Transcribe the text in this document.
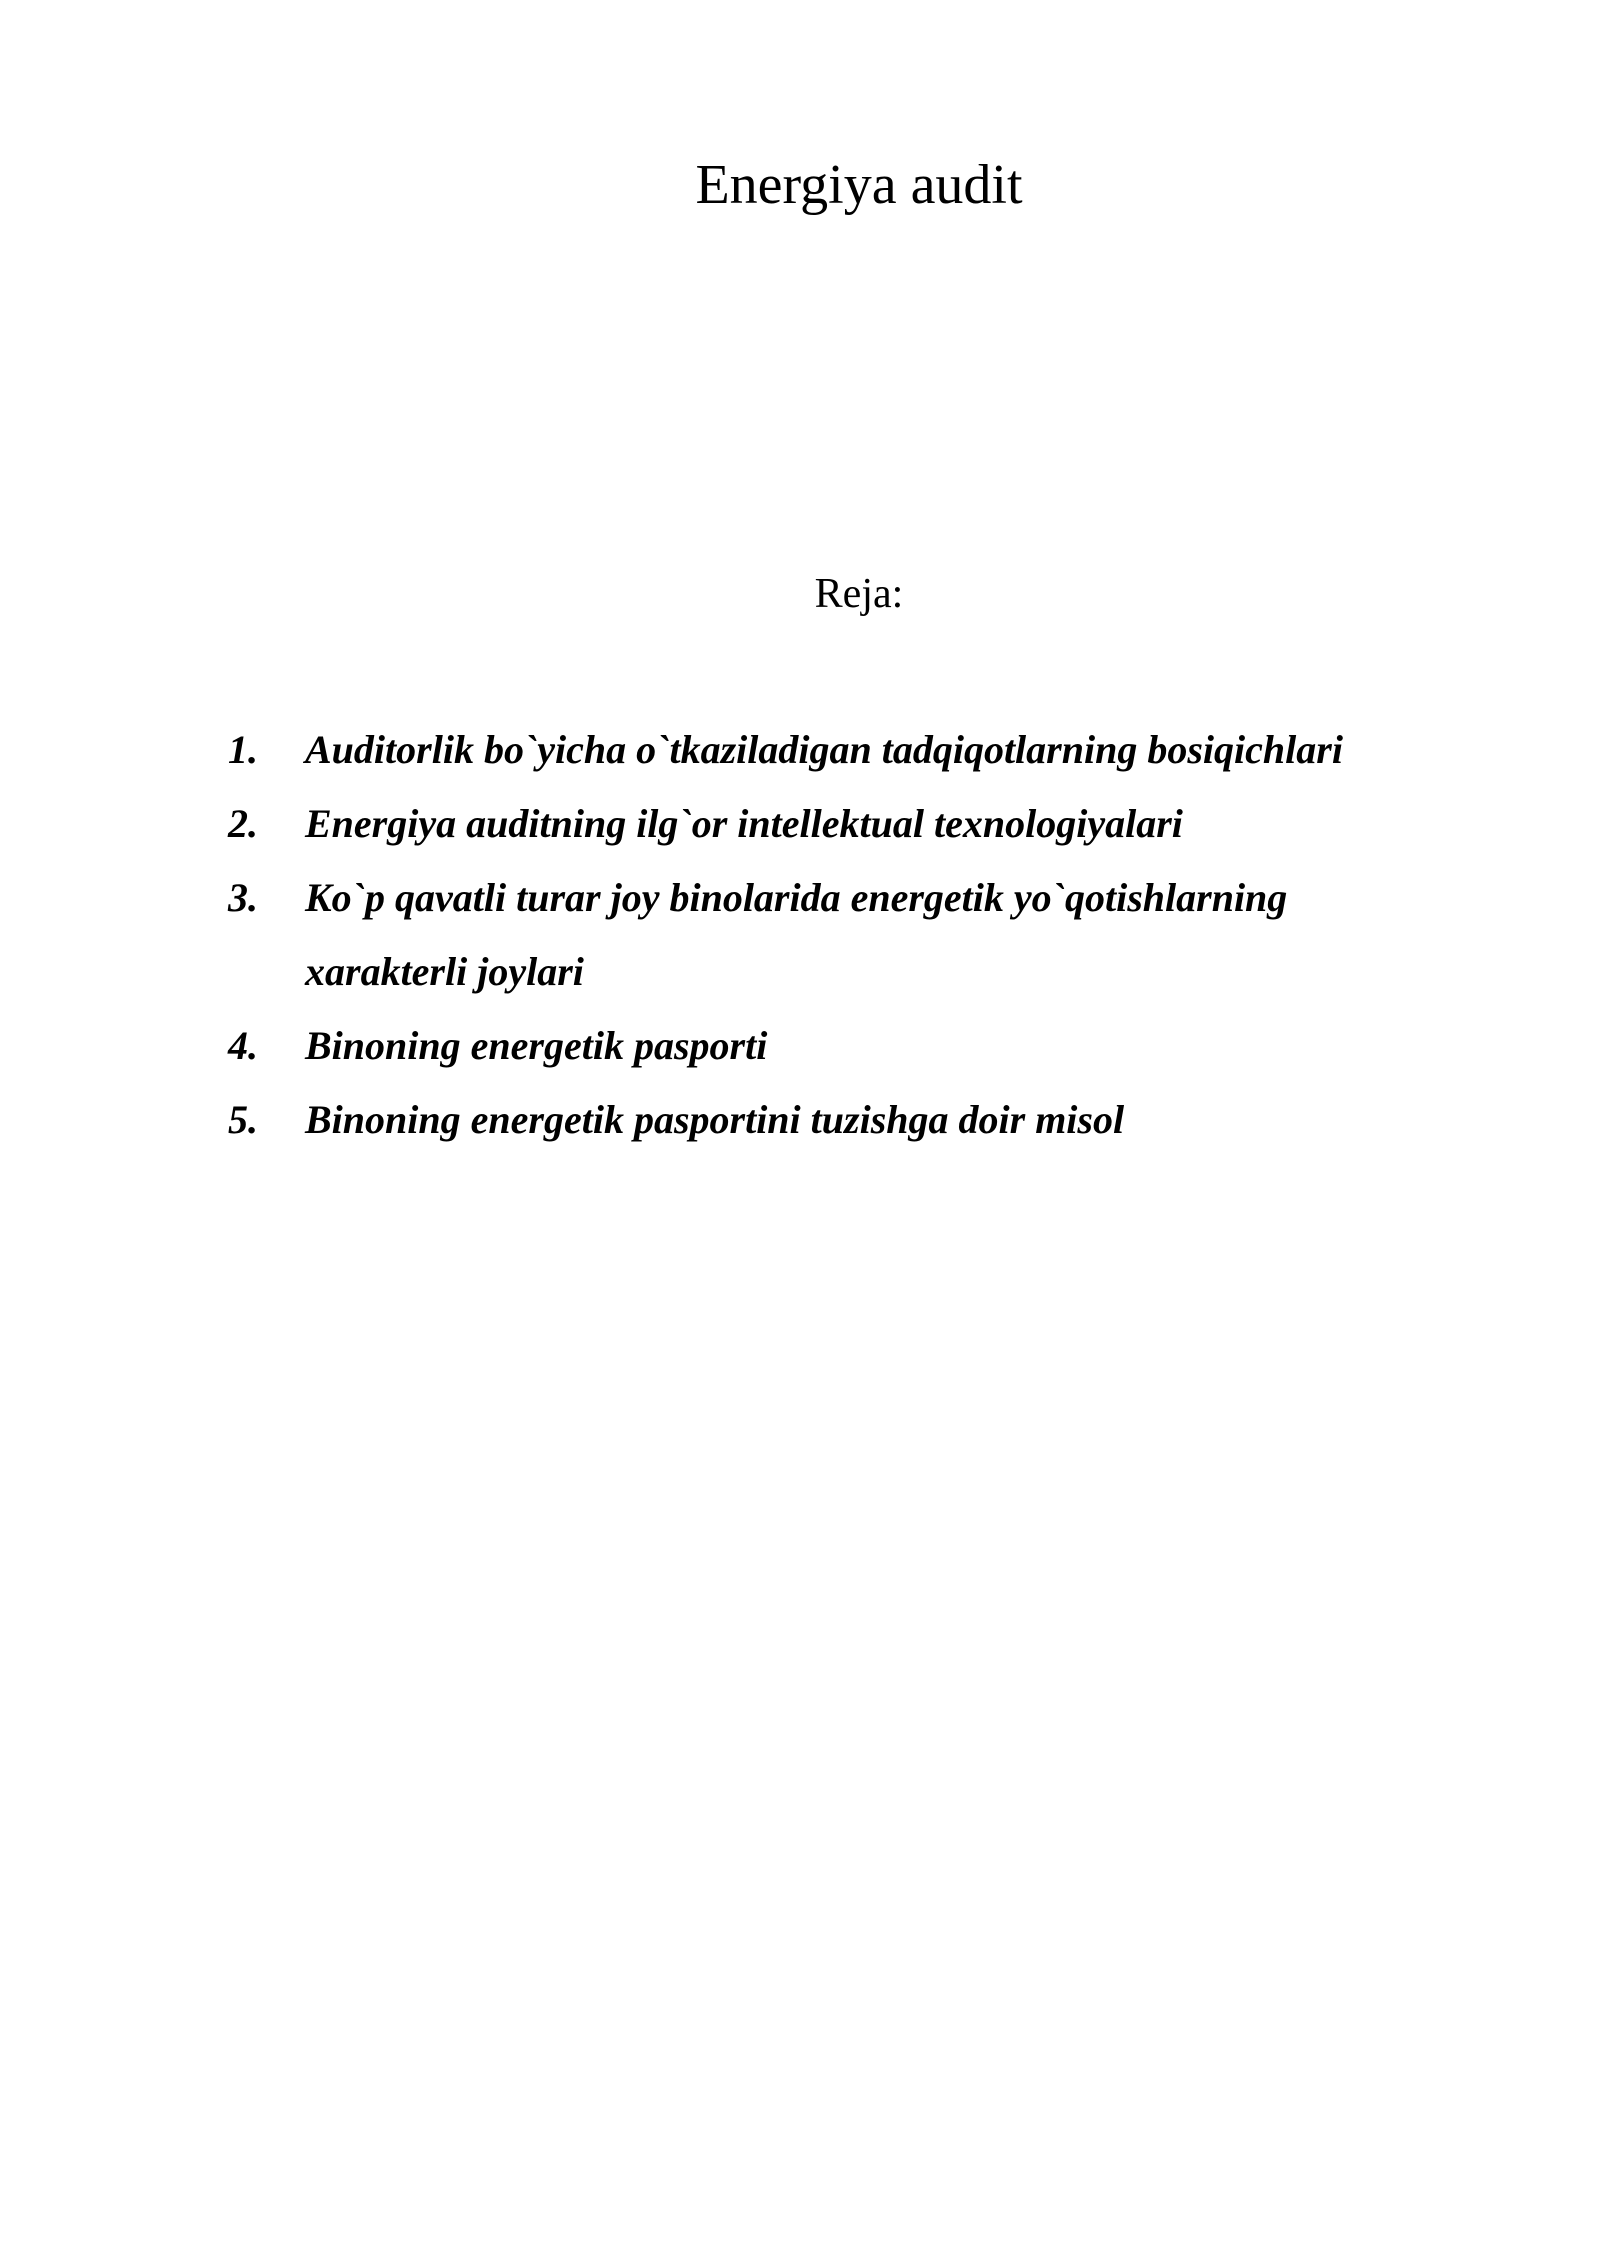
Energiya audit
Reja:
1. Auditorlik bo`yicha o`tkaziladigan tadqiqotlarning bosiqichlari
2. Energiya auditning ilg`or intellektual texnologiyalari
3. Ko`p qavatli turar joy binolarida energetik yo`qotishlarning xarakterli joylari
4. Binoning energetik pasporti
5. Binoning energetik pasportini tuzishga doir misol
